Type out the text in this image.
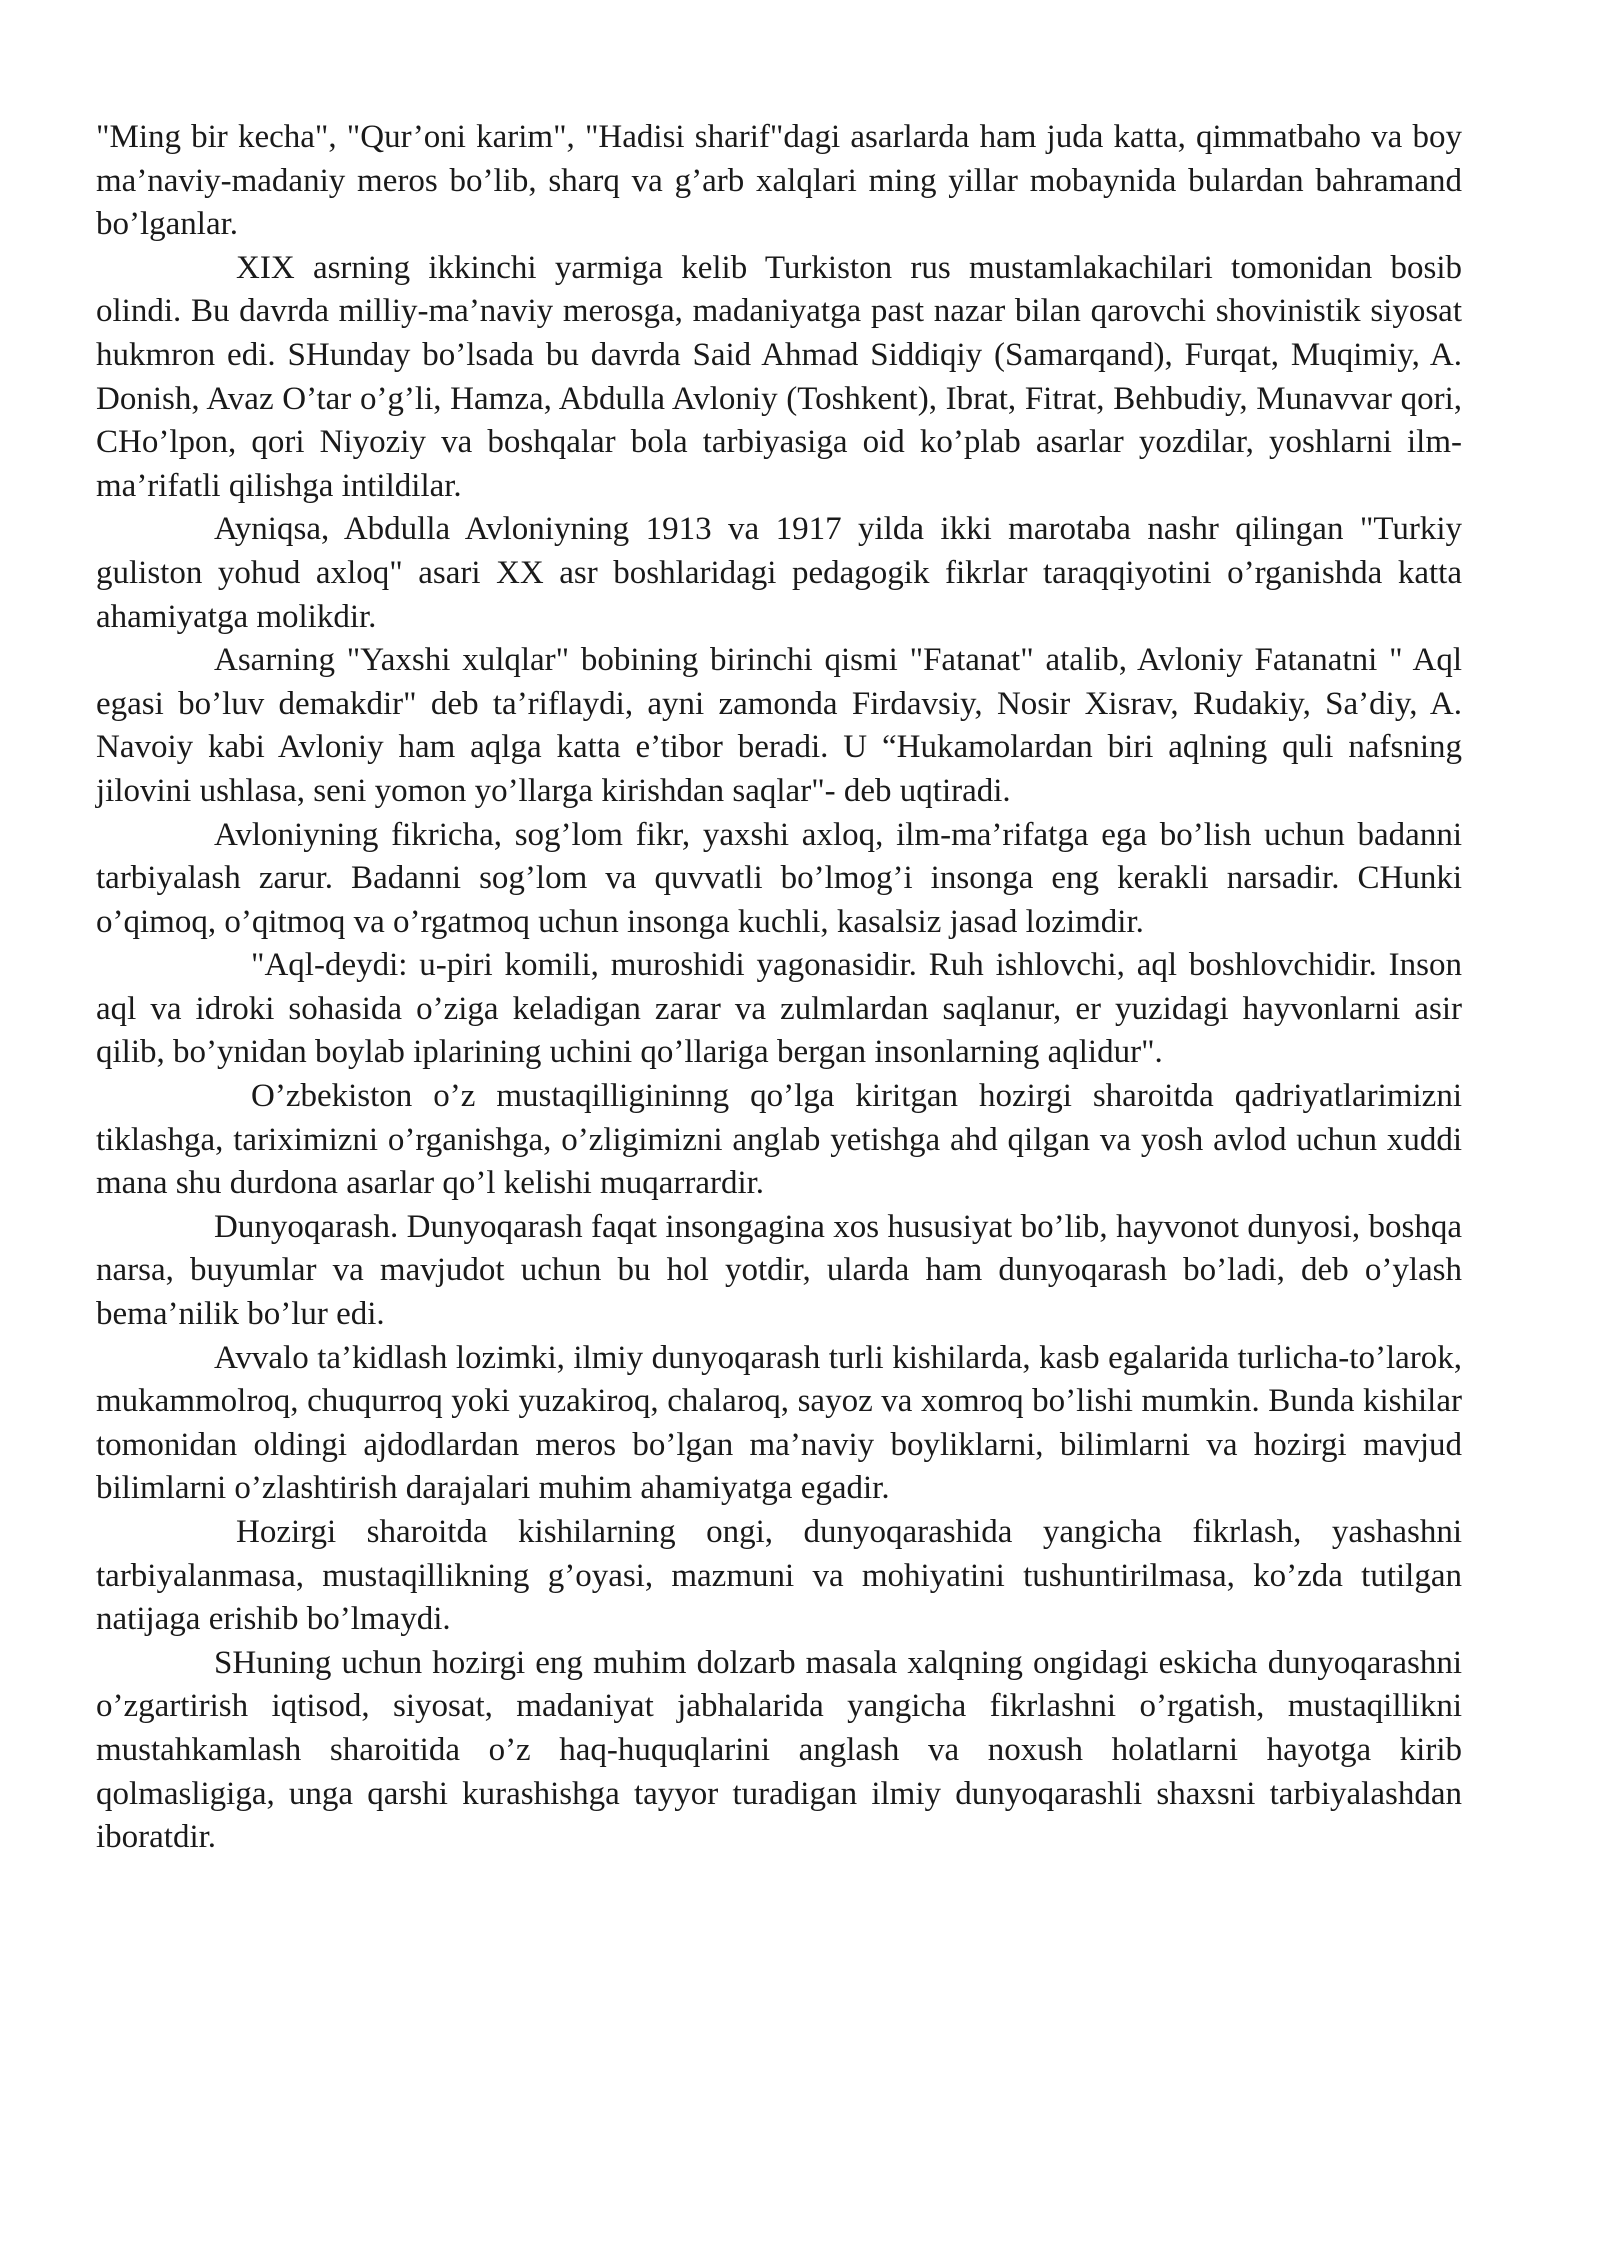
"Ming bir kecha", "Qur’oni karim", "Hadisi sharif"dagi asarlarda ham juda katta, qimmatbaho va boy ma’naviy-madaniy meros bo’lib, sharq va g’arb xalqlari ming yillar mobaynida bulardan bahramand bo’lganlar.

XIX asrning ikkinchi yarmiga kelib Turkiston rus mustamlakachilari tomonidan bosib olindi. Bu davrda milliy-ma’naviy merosga, madaniyatga past nazar bilan qarovchi shovinistik siyosat hukmron edi. SHunday bo’lsada bu davrda Said Ahmad Siddiqiy (Samarqand), Furqat, Muqimiy, A. Donish, Avaz O’tar o’g’li, Hamza, Abdulla Avloniy (Toshkent), Ibrat, Fitrat, Behbudiy, Munavvar qori, CHo’lpon, qori Niyoziy va boshqalar bola tarbiyasiga oid ko’plab asarlar yozdilar, yoshlarni ilm-ma’rifatli qilishga intildilar.

Ayniqsa, Abdulla Avloniyning 1913 va 1917 yilda ikki marotaba nashr qilingan "Turkiy guliston yohud axloq" asari XX asr boshlaridagi pedagogik fikrlar taraqqiyotini o’rganishda katta ahamiyatga molikdir.

Asarning "Yaxshi xulqlar" bobining birinchi qismi "Fatanat" atalib, Avloniy Fatanatni " Aql egasi bo’luv demakdir" deb ta’riflaydi, ayni zamonda Firdavsiy, Nosir Xisrav, Rudakiy, Sa’diy, A. Navoiy kabi Avloniy ham aqlga katta e’tibor beradi. U “Hukamolardan biri aqlning quli nafsning jilovini ushlasa, seni yomon yo’llarga kirishdan saqlar"- deb uqtiradi.

Avloniyning fikricha, sog’lom fikr, yaxshi axloq, ilm-ma’rifatga ega bo’lish uchun badanni tarbiyalash zarur. Badanni sog’lom va quvvatli bo’lmog’i insonga eng kerakli narsadir. CHunki o’qimoq, o’qitmoq va o’rgatmoq uchun insonga kuchli, kasalsiz jasad lozimdir.

"Aql-deydi: u-piri komili, muroshidi yagonasidir. Ruh ishlovchi, aql boshlovchidir. Inson aql va idroki sohasida o’ziga keladigan zarar va zulmlardan saqlanur, er yuzidagi hayvonlarni asir qilib, bo’ynidan boylab iplarining uchini qo’llariga bergan insonlarning aqlidur".

O’zbekiston o’z mustaqilligininng qo’lga kiritgan hozirgi sharoitda qadriyatlarimizni tiklashga, tariximizni o’rganishga, o’zligimizni anglab yetishga ahd qilgan va yosh avlod uchun xuddi mana shu durdona asarlar qo’l kelishi muqarrardir.

Dunyoqarash. Dunyoqarash faqat insongagina xos hususiyat bo’lib, hayvonot dunyosi, boshqa narsa, buyumlar va mavjudot uchun bu hol yotdir, ularda ham dunyoqarash bo’ladi, deb o’ylash bema’nilik bo’lur edi.

Avvalo ta’kidlash lozimki, ilmiy dunyoqarash turli kishilarda, kasb egalarida turlicha-to’larok, mukammolroq, chuqurroq yoki yuzakiroq, chalaroq, sayoz va xomroq bo’lishi mumkin. Bunda kishilar tomonidan oldingi ajdodlardan meros bo’lgan ma’naviy boyliklarni, bilimlarni va hozirgi mavjud bilimlarni o’zlashtirish darajalari muhim ahamiyatga egadir.

Hozirgi sharoitda kishilarning ongi, dunyoqarashida yangicha fikrlash, yashashni tarbiyalanmasa, mustaqillikning g’oyasi, mazmuni va mohiyatini tushuntirilmasa, ko’zda tutilgan natijaga erishib bo’lmaydi.

SHuning uchun hozirgi eng muhim dolzarb masala xalqning ongidagi eskicha dunyoqarashni o’zgartirish iqtisod, siyosat, madaniyat jabhalarida yangicha fikrlashni o’rgatish, mustaqillikni mustahkamlash sharoitida o’z haq-huquqlarini anglash va noxush holatlarni hayotga kirib qolmasligiga, unga qarshi kurashishga tayyor turadigan ilmiy dunyoqarashli shaxsni tarbiyalashdan iboratdir.
